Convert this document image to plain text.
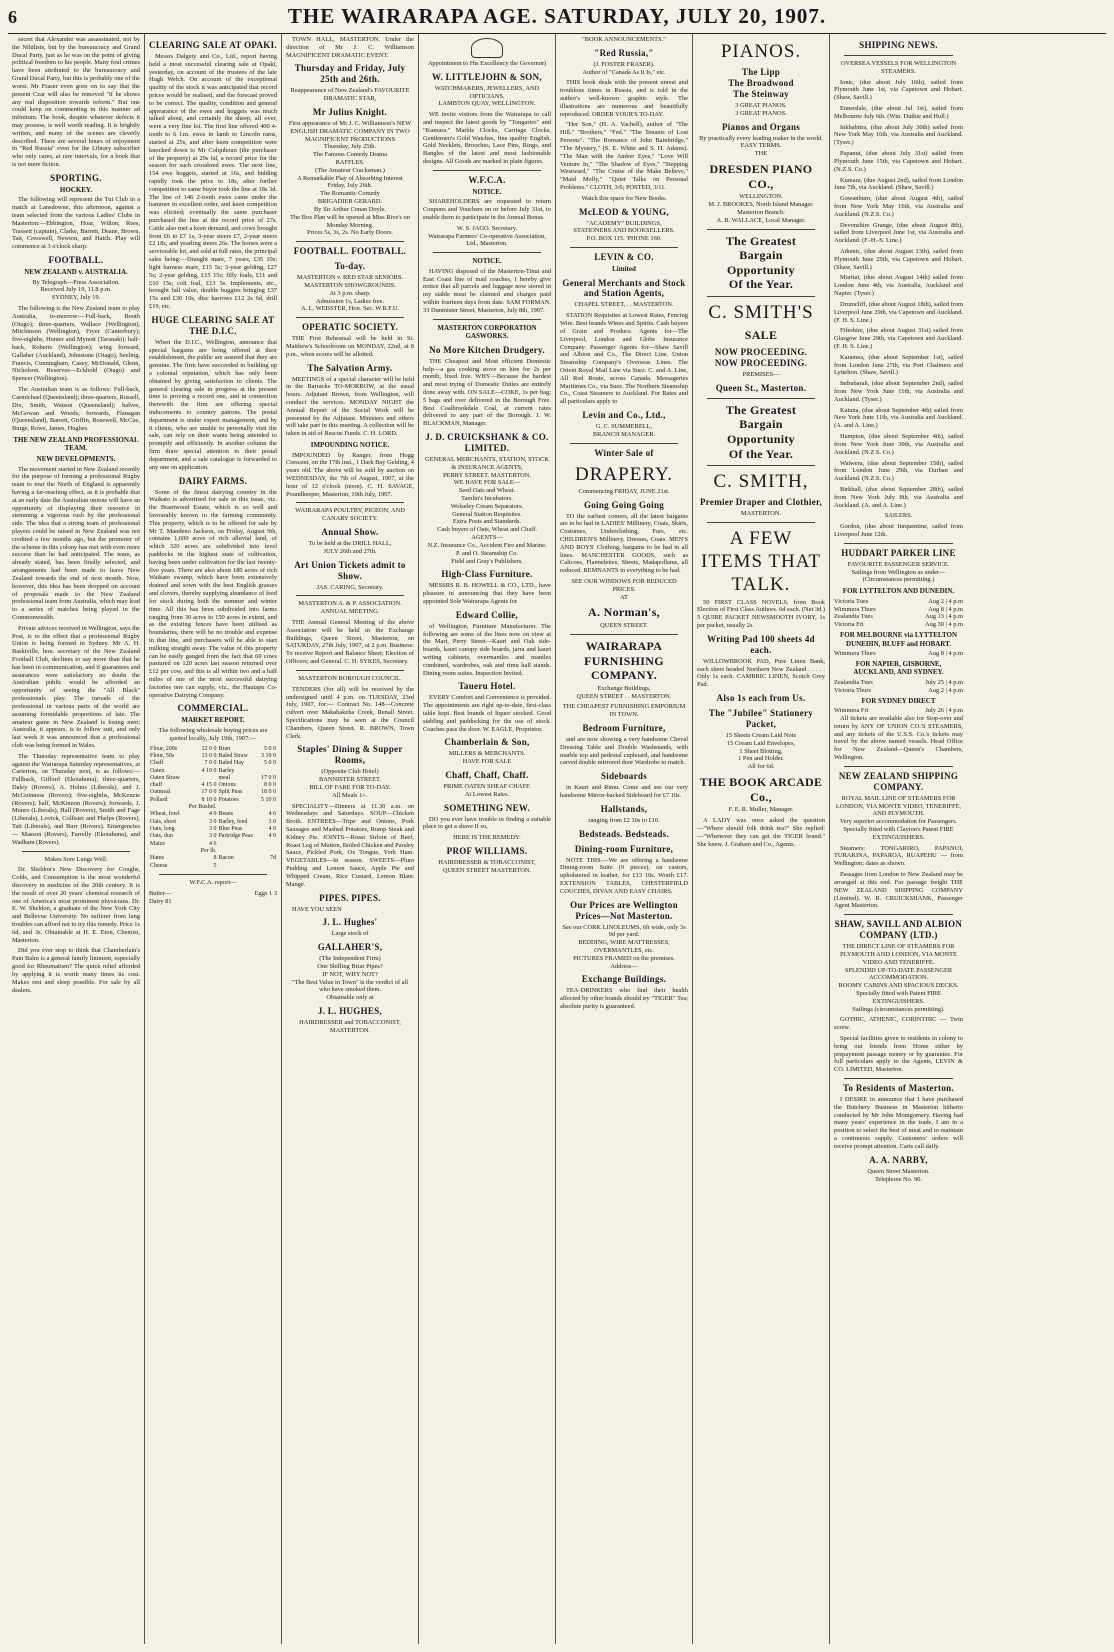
6	THE WAIRARAPA AGE. SATURDAY, JULY 20, 1907.
secret that Alexander was assassinated, not by the Nihilists, but by the bureaucracy and Grand Ducal Party, just as he was on the point of giving political freedom to his people. Many foul crimes have been attributed to the bureaucracy and Grand Ducal Party, but this is probably one of the worst. Mr Fraser even goes on to say that the present Czar will also be removed "if he shows any real disposition towards reform." But one could keep on commenting in this manner ad infinitum. The book, despite whatever defects it may possess, is well worth reading. It is brightly written, and many of the scenes are cleverly described. There are several hours of enjoyment in "Red Russia" even for the Library subscriber who only cares, at rare intervals, for a book that is not mere fiction.
SPORTING.
HOCKEY.
The following will represent the Tui Club in a match at Lansdowne, this afternoon, against a team selected from the various Ladies' Clubs in Masterton:—Ebbington, Hoar, Wilton, Rees, Trassett (captain), Clarke, Barrett, Deane, Brown, Tait, Cresswell, Newton, and Hatch. Play will commence at 3 o'clock sharp.
FOOTBALL.
NEW ZEALAND v. AUSTRALIA.
By Telegraph—Press Association.
Received July 19, 11.8 p.m.
SYDNEY, July 19.
The following is the New Zealand team to play Australia, to-morrow:—Full-back, Booth (Otago); three-quarters, Wallace (Wellington), Mitchinson (Wellington), Fryer (Canterbury); five-eighths, Hunter and Mynott (Taranaki); half-back, Roberts (Wellington); wing forward, Gallaher (Auckland), Johnstone (Otago), Seeling, Francis, Cunningham, Casey, McDonald, Glenn, Nicholson. Reserves—Eckhold (Otago) and Spencer (Wellington).
The Australian team is as follows: Full-back, Carmichael (Queensland); three-quarters, Russell, Dix, Smith, Watson (Queensland); halves, McGowan and Woods; forwards, Flanagan (Queensland), Barrett, Griffin, Rosewell, McCue, Burge, Rowe, James, Hughes.
THE NEW ZEALAND PROFESSIONAL TEAM.
NEW DEVELOPMENTS.
The movement started in New Zealand recently for the purpose of forming a professional Rugby team to tour the North of England is apparently having a far-reaching effect, as it is probable that at an early date the Australian unions will have an opportunity of displaying their resource in stemming a vigorous rush by the professional side. The idea that a strong team of professional players could be raised in New Zealand was not credited a few months ago, but the promoter of the scheme in this colony has met with even more success than he had anticipated. The team, as already stated, has been finally selected, and arrangements had been made to leave New Zealand towards the end of next month. Now, however, this idea has been dropped on account of proposals made to the New Zealand professional team from Australia, which may lead to a series of matches being played in the Commonwealth.
Private advices received in Wellington, says the Post, is to the effect that a professional Rugby Union is being formed in Sydney. Mr A. H. Baskiville, hon. secretary of the New Zealand Football Club, declines to say more than that he has been in communication, and if guarantees and assurances were satisfactory no doubt the Australian public would be afforded an opportunity of seeing the "All Black" professionals play. The inroads of the professional in various parts of the world are assuming formidable proportions of late. The amateur game in New Zealand is losing men; Australia, it appears, is to follow suit, and only last week it was announced that a professional club was being formed in Wales.
The Thursday representative team to play against the Wairarapa Saturday representatives, at Carterton, on Thursday next, is as follows:—Fullback, Gifford (Ekotahuna); three-quarters, Daley (Rovers), A. Holms (Liberals), and J. McGuinness (Rovers); five-eighths, McKenzie (Rovers); half, McKinnon (Rovers); forwards, J. Munro (Liberals), Hall (Rovers), Smith and Fage (Liberals), Lovick, Collister and Phelps (Rovers), Tait (Liberals), and Burr (Rovers). Emergencies — Masson (Rovers), Farrelly (Ekotahuna), and Wadham (Rovers).
Makes Sore Lungs Well.
Dr. Sheldon's New Discovery for Coughs, Colds, and Consumption is the most wonderful discovery in medicine of the 20th century. It is the result of over 20 years' chemical research of one of America's most prominent physicians. Dr. E. W. Sheldon, a graduate of the New York City and Bellevue University. No sufferer from lung troubles can afford not to try this remedy. Price 1s 6d, and 3s. Obtainable at H. E. Eton, Chemist, Masterton.
Did you ever stop to think that Chamberlain's Pain Balm is a general family liniment, especially good for Rheumatism? The quick relief afforded by applying it is worth many times its cost. Makes rest and sleep possible. For sale by all dealers.
CLEARING SALE AT OPAKI.
Messrs Dalgety and Co., Ltd., report having held a most successful clearing sale at Opaki, yesterday, on account of the trustees of the late Hugh Welch. On account of the exceptional quality of the stock it was anticipated that record prices would be realised, and the forecast proved to be correct. The quality, condition and general appearance of the ewes and hoggets was much talked about, and certainly the sheep, all over, were a very fine lot. The first line offered 400 4-tooth to 6 f.m. ewes in lamb to Lincoln rams, started at 25s, and after keen competition were knocked down to Mr Colquhoun (the purchaser of the property) at 29s 6d, a record price for the season for such crossbred ewes. The next line, 154 ewe hoggets, started at 16s, and bidding rapidly took the price to 18s, after further competition to same buyer took the line at 18s 3d. The line of 146 2-tooth ewes came under the hammer in excellent order, and keen competition was elicited; eventually the same purchaser purchased the line at the record price of 27s. Cattle also met a keen demand, and cows brought from £6 to £7 1s, 3-year steers £7, 2-year steers £2 18s, and yearling steers 26s. The horses were a serviceable lot, and sold at full rates, the principal sales being:—Draught mare, 7 years, £35 10s; light harness mare, £15 5s; 3-year gelding, £27 5s; 2-year gelding, £15 15s; filly foals, £11 and £10 15s; colt foal, £13 5s. Implements, etc., brought full value, double buggies bringing £37 15s and £30 10s, disc harrows £12 2s 6d, drill £19, etc.
HUGE CLEARING SALE AT THE D.I.C.
When the D.I.C., Wellington, announce that special bargains are being offered at their establishment, the public are assured that they are genuine. The firm have succeeded in building up a colonial reputation, which has only been obtained by giving satisfaction to clients. The general clearing sale in progress at the present time is proving a record one, and in connection therewith the firm are offering special inducements to country patrons. The postal department is under expert management, and by it clients, who are unable to personally visit the sale, can rely on their wants being attended to promptly and efficiently. In another column the firm draw special attention to their postal department, and a sale catalogue is forwarded to any one on application.
DAIRY FARMS.
Some of the finest dairying country in the Waikato is advertised for sale in this issue, viz. the Brantwood Estate, which is so well and favourably known to the farming community. This property, which is to be offered for sale by Mr T. Mandeno Jackson, on Friday, August 9th, contains 1,600 acres of rich alluvial land, of which 320 acres are subdivided into level paddocks in the highest state of cultivation, having been under cultivation for the last twenty-five years. There are also about 180 acres of rich Waikato swamp, which have been extensively drained and sown with the best English grasses and clovers, thereby supplying abundance of feed for stock during both the summer and winter time. All this has been subdivided into farms ranging from 30 acres to 150 acres in extent, and as the existing fences have been utilised as boundaries, there will be no trouble and expense in that line, and purchasers will be able to start milking straight away. The value of this property can be easily gauged from the fact that 60 cows pastured on 120 acres last season returned over £12 per cow, and this is all within two and a half miles of one of the most successful dairying factories one can supply, viz., the Hautapu Co-operative Dairying Company.
COMMERCIAL.
MARKET REPORT.
The following wholesale buying prices are quoted locally, July 19th, 1907:—
Flour, 200s	12 0 0	Bran	5 0 0
Flour, 50s	13 0 0	Baled Straw	3 10 0
Chaff	7 0 0	Baled Hay	5 0 0
Oaten	4 10 0	Barley	
Oaten Straw		meal	17 0 0
chaff	4 15 0	Onions	8 0 0
Oatmeal	17 0 0	Split Peas	18 0 0
Pollard	8 10 0	Potatoes	5 10 0
	Per Bushel.		
Wheat, fowl	4 0	Beans	4 6
Oats, short	3 0	Barley, feed	3 0
Oats, long	3 0	Blue Peas	4 0
Oats, dun	3 0	Partridge Peas	4 0
Maize	4 6		
	Per lb.		
Hams	8	Bacon	7d
Cheese	5		
W.F.C.A. report—
Butter—	Eggs 1 3
Dairy 81
TOWN HALL, MASTERTON. Under the direction of Mr J. C. Williamson MAGNIFICENT DRAMATIC EVENT.
Thursday and Friday, July 25th and 26th.
Reappearance of New Zealand's FAVOURITE DRAMATIC STAR,
Mr Julius Knight.
First appearance of Mr J. C. Williamson's NEW ENGLISH DRAMATIC COMPANY IN TWO MAGNIFICENT PRODUCTIONS
Thursday, July 25th.
The Famous Comedy Drama
RAFFLES.
(The Amateur Cracksman.)
A Remarkable Play of Absorbing Interest
Friday, July 26th.
The Romantic Comedy
BRIGADIER GERARD.
By Sir Arthur Conan Doyle.
The Box Plan will be opened at Miss Rive's on Monday Morning.
Prices 5s, 3s, 2s. No Early Doors.
FOOTBALL. FOOTBALL.
To-day.
MASTERTON v. RED STAR SENIORS.
MASTERTON SHOWGROUNDS.
At 3 p.m. sharp.
Admission 1s, Ladies free.
A. L. WEBSTER, Hon. Sec. W.R.F.U.
OPERATIC SOCIETY.
THE First Rehearsal will be held in St. Matthew's Schoolroom on MONDAY, 22nd, at 8 p.m., when scores will be allotted.
The Salvation Army.
MEETINGS of a special character will be held in the Barracks TO-MORROW, at the usual hours. Adjutant Brown, from Wellington, will conduct the services. MONDAY NIGHT the Annual Report of the Social Work will be presented by the Adjutant. Ministers and others will take part in this meeting. A collection will be taken in aid of Rescue Funds. C. H. LORD.
IMPOUNDING NOTICE.
IMPOUNDED by Ranger, from Hogg Crescent, on the 17th inst., 1 Dark Bay Gelding, 4 years old. The above will be sold by auction on WEDNESDAY, the 7th of August, 1907, at the hour of 12 o'clock (noon). C. H. SAVAGE, Poundkeeper, Masterton, 19th July, 1907.
WAIRARAPA POULTRY, PIGEON, AND CANARY SOCIETY.
Annual Show.
To be held at the DRILL HALL,
JULY 26th and 27th.
Art Union Tickets admit to Show.
JAS. CARING, Secretary.
MASTERTON A. & P. ASSOCIATION.
ANNUAL MEETING.
THE Annual General Meeting of the above Association will be held in the Exchange Buildings, Queen Street, Masterton, on SATURDAY, 27th July, 1907, at 2 p.m. Business: To receive Report and Balance Sheet; Election of Officers; and General. C. H. SYKES, Secretary.
MASTERTON BOROUGH COUNCIL.
TENDERS (for all) will be received by the undersigned until 4 p.m. on TUESDAY, 23rd July, 1907, for:— Contract No. 148—Concrete culvert over Makahakeha Creek, Renall Street. Specifications may be seen at the Council Chambers, Queen Street. R. BROWN, Town Clerk.
Staples' Dining & Supper Rooms,
(Opposite Club Hotel)
BANNISTER STREET.
BILL OF FARE FOR TO-DAY.
All Meals 1/-.
SPECIALITY—Dinners at 11.30 a.m. on Wednesdays and Saturdays. SOUP—Chicken Broth. ENTREES—Tripe and Onions, Pork Sausages and Mashed Potatoes, Rump Steak and Kidney Pie. JOINTS—Roast Sirloin of Beef, Roast Leg of Mutton, Boiled Chicken and Parsley Sauce, Pickled Pork, Ox Tongue, York Ham. VEGETABLES—In season. SWEETS—Plum Pudding and Lemon Sauce, Apple Pie and Whipped Cream, Rice Custard, Lemon Blanc Mange.
PIPES. PIPES.
HAVE YOU SEEN
J. L. Hughes'
Large stock of
GALLAHER'S,
(The Independent Firm)
One Shilling Briar Pipes?
IF NOT, WHY NOT?
"The Best Value in Town" is the verdict of all who have smoked them.
Obtainable only at
J. L. HUGHES,
HAIRDRESSER and TOBACCONIST,
MASTERTON.
Appointment to His Excellency the Governor)
W. LITTLEJOHN & SON,
WATCHMAKERS, JEWELLERS, AND OPTICIANS.
LAMBTON QUAY, WELLINGTON.
WE invite visitors from the Wairarapa to call and inspect the latest goods by "Tongariro" and "Kumara." Marble Clocks, Carriage Clocks, Gentlemen's Gold Watches, fine quality English. Gold Necklets, Brooches, Lace Pins, Rings, and Bangles of the latest and most fashionable designs. All Goods are marked in plain figures.
W.F.C.A.
NOTICE.
SHAREHOLDERS are requested to return Coupons and Vouchers on or before July 31st, to enable them to participate in the Annual Bonus.
W. S. JAGO. Secretary.
Wairarapa Farmers' Co-operative Association, Ltd., Masterton.
NOTICE.
HAVING disposed of the Masterton-Tinui and East Coast line of mail coaches, I hereby give notice that all parcels and luggage now stored in my stable must be claimed and charges paid within fourteen days from date. SAM FORMAN. 33 Dunmister Street, Masterton, July 8th, 1907.
MASTERTON CORPORATION GASWORKS.
No More Kitchen Drudgery.
THE Cheapest and Most efficient Domestic help—a gas cooking stove on hire for 2s per month, fixed free. WHY—Because the hardest and most trying of Domestic Duties are entirely done away with. ON SALE—COKE, 1s per bag; 5 bags and over delivered in the Borough Free. Best Coalbrookdale Coal, at current rates delivered to any part of the Borough. J. W. BLACKMAN, Manager.
J. D. CRUICKSHANK & CO. LIMITED.
GENERAL MERCHANTS, STATION, STOCK & INSURANCE AGENTS,
PERRY STREET. MASTERTON.
WE HAVE FOR SALE—
Seed Oats and Wheat.
Tamlin's Incubators.
Wolseley Cream Separators.
General Station Requisites.
Extra Posts and Standards.
Cash buyers of Oats, Wheat and Chaff.
AGENTS—
N.Z. Insurance Co., Accident Fire and Marine.
P. and O. Steamship Co.
Field and Gray's Publishers.
High-Class Furniture.
MESSRS R. B. HOWELL & CO., LTD., have pleasure in announcing that they have been appointed Sole Wairarapa Agents for
Edward Collie,
of Wellington, Furniture Manufacturer. The following are some of the lines now on view at the Mart, Perry Street—Kauri and Oak side-boards, kauri canopy side boards, jarra and kauri writing cabinets, overmantles and mantles combined, wardrobes, oak and rimu hall stands. Dining room suites. Inspection Invited.
Taueru Hotel.
EVERY Comfort and Convenience is provided. The appointments are right up-to-date, first-class table kept. Best brands of liquor stocked. Good stabling and paddocking for the use of stock. Coaches pass the door. W. EAGLE, Proprietor.
Chamberlain & Son,
MILLERS & MERCHANTS.
HAVE FOR SALE
Chaff, Chaff, Chaff.
PRIME OATEN SHEAF CHAFF.
At Lowest Rates.
SOMETHING NEW.
DO you ever have trouble in finding a suitable place to get a shave If so,
HERE IS THE REMEDY:
PROF WILLIAMS.
HAIRDRESSER & TOBACCONIST,
QUEEN STREET MASTERTON.
"BOOK ANNOUNCEMENTS."
"Red Russia,"
(J. FOSTER FRASER).
Author of "Canada As It Is," etc.
THIS book deals with the present unrest and troublous times in Russia, and is told in the author's well-known graphic style. The illustrations are numerous and beautifully reproduced. ORDER YOUR'S TO-DAY.
"Her Son," (H. A. Vachell), author of "The Hill." "Brothers," "Fed." "The Tenants of Lost Persons". "The Romance of John Bainbridge," "The Mystery," (S. E. White and S. H. Adams). "The Man with the Amber Eyes," "Love Will Venture In," "The Shadow of Eyes," "Stepping Westward," "The Cruise of the Make Believe," "Maid Molly," "Quiet Talks on Personal Problems." CLOTH, 3/6; POSTED, 3/11.
Watch this space for New Books.
McLEOD & YOUNG,
"ACADEMY" BUILDINGS,
STATIONERS AND BOOKSELLERS.
P.O. BOX 115. 'PHONE 160.
LEVIN & CO.
Limited
General Merchants and Stock and Station Agents,
CHAPEL STREET, . . MASTERTON.
STATION Requisites at Lowest Rates, Fencing Wire. Best brands Wines and Spirits. Cash buyers of Grain and Produce. Agents for—The Liverpool, London and Globe Insurance Company. Passenger Agents for—Shaw Savill and Albion and Co., The Direct Line. Union Steamship Company's Overseas Lines. The Orient Royal Mail Line via Suez. C. and A. Line, All Red Route, across Canada. Messageries Maritimes Co., via Suez. The Northern Steamship Co., Coast Steamers to Auckland. For Rates and all particulars apply to
Levin and Co., Ltd.,
G. C. SUMMERELL,
BRANCH MANAGER.
Winter Sale of
DRAPERY.
Commencing FRIDAY, JUNE 21st.
Going Going Going
TO the earliest comers, all the latest bargains are to be had in LADIES' Millinery, Coats, Skirts, Costumes, Underclothing, Furs, etc. CHILDREN'S Millinery, Dresses, Coats. MEN'S AND BOYS' Clothing, bargains to be had in all lines. MANCHESTER GOODS, such as Calicoes, Flannelettes, Sheets, Madapollams, all reduced. REMNANTS in everything to be had.
SEE OUR WINDOWS FOR REDUCED PRICES.
AT
A. Norman's,
QUEEN STREET.
WAIRARAPA FURNISHING COMPANY.
Exchange Buildings,
QUEEN STREET . . MASTERTON.
THE CHEAPEST FURNISHING EMPORIUM IN TOWN.
Bedroom Furniture,
and are now showing a very handsome Cheval Dressing Table and Double Washstands, with marble top and pedestal cupboard, and handsome carved double mirrored door Wardrobe to match.
Sideboards
in Kauri and Rimu. Come and see our very handsome Mirror-backed Sideboard for £7 10s.
Hallstands,
ranging from £2 10s to £10.
Bedsteads. Bedsteads.
Dining-room Furniture,
NOTE THIS.—We are offering a handsome Dining-room Suite (9 pieces), on castors, upholstered in leather, for £13 10s. Worth £17. EXTENSION TABLES, CHESTERFIELD COUCHES, DIVAN AND EASY CHAIRS.
Our Prices are Wellington Prices—Not Masterton.
See our CORK LINOLEUMS, 6ft wide, only 3s 9d per yard.
BEDDING, WIRE MATTRESSES, OVERMANTLES, etc.
PICTURES FRAMED on the premises.
Address—
Exchange Buildings.
TEA-DRINKERS who find their health affected by other brands should try "TIGER" Tea; absolute purity is guaranteed.
PIANOS.
The Lipp
The Broadwood
The Steinway
3 GREAT PIANOS.
3 GREAT PIANOS.
Pianos and Organs
By practically every leading maker in the world.
EASY TERMS.
THE
DRESDEN PIANO CO.,
WELLINGTON.
M. J. BROOKES, North Island Manager.
Masterton Branch:
A. B. WALLACE, Local Manager.
The Greatest
Bargain
Opportunity
Of the Year.
C. SMITH'S
SALE
NOW PROCEEDING.
NOW PROCEEDING.
PREMISES—
Queen St., Masterton.
The Greatest
Bargain
Opportunity
Of the Year.
C. SMITH,
Premier Draper and Clothier,
MASTERTON.
A FEW ITEMS THAT TALK.
50 FIRST CLASS NOVELS, from Book Election of First Class Authors. 6d each. (Net 3d.) 5 QUIRE PACKET NEWSMOOTH IVORY, 1s per packet, usually 2s.
Writing Pad 100 sheets 4d each.
WILLOWBROOK PAD, Pure Linen Bank, each sheet headed Northern New Zealand . . . . . Only 1s each. CAMBRIC LINEN, Scotch Grey Pad.
Also 1s each from Us.
The "Jubilee" Stationery Packet,
15 Sheets Cream Laid Note
15 Cream Laid Envelopes,
1 Sheet Blotting,
1 Pen and Holder.
All for 6d.
THE BOOK ARCADE Co.,
F. E. R. Muller, Manager.
A LADY was once asked the question—"Where should folk drink tea?" She replied:—"Whenever they can get the TIGER brand." She knew. J. Graham and Co., Agents.
SHIPPING NEWS.
OVERSEA VESSELS FOR WELLINGTON
STEAMERS.
Ionic, (due about July 16th), sailed from Plymouth June 1st, via Capetown and Hobart. (Shaw, Savill.)
Ennerdale, (due about Jul 1st), sailed from Melbourne July 6th. (Wm. Duthie and Hull.)
Inkhabitra, (due about July 30th) sailed from New York May 16th, via Australia and Auckland. (Tyser.)
Papanui, (due about July 31st) sailed from Plymouth June 15th, via Capetown and Hobart. (N.Z.S. Co.)
Kumara, (due August 2nd), sailed from London June 7th, via Auckland. (Shaw, Savill.)
Gowanburn, (due about August 4th), sailed from New York May 16th, via Australia and Auckland. (N.Z.S. Co.)
Devonshire Grange, (due about August 8th), sailed from Liverpool June 1st, via Australia and Auckland. (F.-H.-S. Line.)
Athenic, (due about August 13th), sailed from Plymouth June 29th, via Capetown and Hobart. (Shaw, Savill.)
Muritai, (due about August 14th) sailed from London June 4th, via Australia, Auckland and Napier. (Tyser.)
Drumcliff, (due about August 18th), sailed from Liverpool June 29th, via Capetown and Auckland. (F. H. S. Line.)
Fifeshire, (due about August 31st) sailed from Glasgow June 29th, via Capetown and Auckland. (F. H. S. Line.)
Karamea, (due about September 1st), sailed from London June 27th, via Port Chalmers and Lyttelton. (Shaw, Savill.)
Indrabarah, (due about September 2nd), sailed from New York June 11th, via Australia and Auckland. (Tyser.)
Katuna, (due about September 4th) sailed from New York June 11th, via Australia and Auckland. (A. and A. Line.)
Hampton, (due about September 4th), sailed from New York June 30th, via Australia and Auckland. (N.Z.S. Co.)
Waiwera, (due about September 15th), sailed from London June 29th, via Durban and Auckland. (N.Z.S. Co.)
Birkhall, (due about September 28th), sailed from New York July 8th, via Australia and Auckland. (A. and A. Line.)
SAILERS.
Gordon, (due about Inrquentine, sailed from Liverpool June 12th.
HUDDART PARKER LINE
FAVOURITE PASSENGER SERVICE.
Sailings from Wellington as under—(Circumstances permitting.)
FOR LYTTELTON AND DUNEDIN.
Victoria Tues	Aug 2 | 4 p.m
Wimmera Thurs	Aug 8 | 4 p.m
Zealandia Tues	Aug 13 | 4 p.m
Victoria Fri	Aug 30 | 4 p.m
FOR MELBOURNE via LYTTELTON DUNEDIN, BLUFF and HOBART.
Wimmera Thurs	Aug 8 | 4 p.m
FOR NAPIER, GISBORNE, AUCKLAND, AND SYDNEY.
Zealandia Tues	July 25 | 4 p.m
Victoria Thurs	Aug 2 | 4 p.m
FOR SYDNEY DIRECT
Wimmera Fri	July 26 | 4 p.m
All tickets are available also for Stop-over and return by ANY OF UNION CO.'S STEAMERS, and any tickets of the U.S.S. Co.'s tickets may travel by the above named vessels. Head Office for New Zealand—Queen's Chambers, Wellington.
NEW ZEALAND SHIPPING COMPANY.
ROYAL MAIL LINE OF STEAMERS FOR LONDON, VIA MONTE VIDEO, TENERIFFE, AND PLYMOUTH.
Very superior accommodation for Passengers.
Specially fitted with Clayton's Patent FIRE EXTINGUISHERS.
Steamers: TONGARIRO, PAPANUI, TURAKINA, PAPAROA, RUAPEHU — from Wellington; dates as shown.
Passages from London to New Zealand may be arranged at this end. For passage freight THE NEW ZEALAND SHIPPING COMPANY (Limited). W. R. CRUICKSHANK, Passenger Agent Masterton.
SHAW, SAVILL AND ALBION COMPANY (LTD.)
THE DIRECT LINE OF STEAMERS FOR PLYMOUTH AND LONDON, VIA MONTE VIDEO AND TENERIFFE.
SPLENDID UP-TO-DATE PASSENGER ACCOMMODATION.
ROOMY CABINS AND SPACIOUS DECKS.
Specially fitted with Patent FIRE EXTINGUISHERS.
Sailings (circumstances permitting).
GOTHIC, ATHENIC, CORINTHIC — Twin screw.
Special facilities given to residents in colony to bring out friends from Home either by prepayment passage money or by guarantee. For full particulars apply to the Agents, LEVIN & CO. LIMITED, Masterton.
To Residents of Masterton.
I DESIRE to announce that I have purchased the Butchery Business in Masterton hitherto conducted by Mr John Montgomery. Having had many years' experience in the trade, I am in a position to select the best of meat and to maintain a continuous supply. Customers' orders will receive prompt attention. Carts call daily.
A. A. NARBY,
Queen Street Masterton.
Telephone No. 90.
